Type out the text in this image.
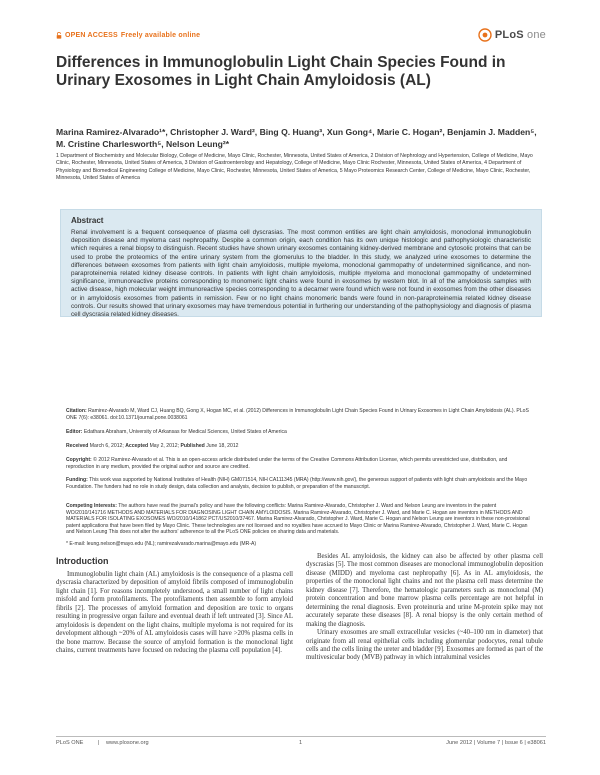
OPEN ACCESS Freely available online	PLoS one
Differences in Immunoglobulin Light Chain Species Found in Urinary Exosomes in Light Chain Amyloidosis (AL)
Marina Ramirez-Alvarado¹*, Christopher J. Ward², Bing Q. Huang³, Xun Gong⁴, Marie C. Hogan², Benjamin J. Madden⁵, M. Cristine Charlesworth⁵, Nelson Leung²*
1 Department of Biochemistry and Molecular Biology, College of Medicine, Mayo Clinic, Rochester, Minnesota, United States of America, 2 Division of Nephrology and Hypertension, College of Medicine, Mayo Clinic, Rochester, Minnesota, United States of America, 3 Division of Gastroenterology and Hepatology, College of Medicine, Mayo Clinic Rochester, Minnesota, United States of America, 4 Department of Physiology and Biomedical Engineering College of Medicine, Mayo Clinic, Rochester, Minnesota, United States of America, 5 Mayo Proteomics Research Center, College of Medicine, Mayo Clinic, Rochester, Minnesota, United States of America
Abstract
Renal involvement is a frequent consequence of plasma cell dyscrasias. The most common entities are light chain amyloidosis, monoclonal immunoglobulin deposition disease and myeloma cast nephropathy. Despite a common origin, each condition has its own unique histologic and pathophysiologic characteristic which requires a renal biopsy to distinguish. Recent studies have shown urinary exosomes containing kidney-derived membrane and cytosolic proteins that can be used to probe the proteomics of the entire urinary system from the glomerulus to the bladder. In this study, we analyzed urine exosomes to determine the differences between exosomes from patients with light chain amyloidosis, multiple myeloma, monoclonal gammopathy of undetermined significance, and non-paraproteinemia related kidney disease controls. In patients with light chain amyloidosis, multiple myeloma and monoclonal gammopathy of undetermined significance, immunoreactive proteins corresponding to monomeric light chains were found in exosomes by western blot. In all of the amyloidosis samples with active disease, high molecular weight immunoreactive species corresponding to a decamer were found which were not found in exosomes from the other diseases or in amyloidosis exosomes from patients in remission. Few or no light chains monomeric bands were found in non-paraproteinemia related kidney disease controls. Our results showed that urinary exosomes may have tremendous potential in furthering our understanding of the pathophysiology and diagnosis of plasma cell dyscrasia related kidney diseases.
Citation: Ramirez-Alvarado M, Ward CJ, Huang BQ, Gong X, Hogan MC, et al. (2012) Differences in Immunoglobulin Light Chain Species Found in Urinary Exosomes in Light Chain Amyloidosis (AL). PLoS ONE 7(6): e38061. doi:10.1371/journal.pone.0038061
Editor: Edathara Abraham, University of Arkansas for Medical Sciences, United States of America
Received March 6, 2012; Accepted May 2, 2012; Published June 18, 2012
Copyright: © 2012 Ramirez-Alvarado et al. This is an open-access article distributed under the terms of the Creative Commons Attribution License, which permits unrestricted use, distribution, and reproduction in any medium, provided the original author and source are credited.
Funding: This work was supported by National Institutes of Health (NIH) GM071514, NIH CA111345 (MRA) (http://www.nih.gov/), the generous support of patients with light chain amyloidosis and the Mayo Foundation. The funders had no role in study design, data collection and analysis, decision to publish, or preparation of the manuscript.
Competing Interests: The authors have read the journal's policy and have the following conflicts: Marina Ramirez-Alvarado, Christopher J. Ward and Nelson Leung are inventors in the patent WO/2010/141716 METHODS AND MATERIALS FOR DIAGNOSING LIGHT CHAIN AMYLOIDOSIS. Marina Ramirez-Alvarado, Christopher J. Ward, and Marie C. Hogan are inventors in METHODS AND MATERIALS FOR ISOLATING EXOSOMES WO/2010/141862 PCT/US2010/37467. Marina Ramirez-Alvarado, Christopher J. Ward, Marie C. Hogan and Nelson Leung are inventors in these non-provisional patent applications that have been filed by Mayo Clinic. These technologies are not licensed and no royalties have accrued to Mayo Clinic or Marina Ramirez-Alvarado, Christopher J. Ward, Marie C. Hogan and Nelson Leung This does not alter the authors' adherence to all the PLoS ONE policies on sharing data and materials.
* E-mail: leung.nelson@mayo.edu (NL); ramirezalvarado.marina@mayo.edu (MR-A)
Introduction

Immunoglobulin light chain (AL) amyloidosis is the consequence of a plasma cell dyscrasia characterized by deposition of amyloid fibrils composed of immunoglobulin light chain [1]. For reasons incompletely understood, a small number of light chains misfold and form protofilaments. The protofilaments then assemble to form amyloid fibrils [2]. The processes of amyloid formation and deposition are toxic to organs resulting in progressive organ failure and eventual death if left untreated [3]. Since AL amyloidosis is dependent on the light chains, multiple myeloma is not required for its development although ~20% of AL amyloidosis cases will have >20% plasma cells in the bone marrow. Because the source of amyloid formation is the monoclonal light chains, current treatments have focused on reducing the plasma cell population [4].

Besides AL amyloidosis, the kidney can also be affected by other plasma cell dyscrasias [5]. The most common diseases are monoclonal immunoglobulin deposition disease (MIDD) and myeloma cast nephropathy [6]. As in AL amyloidosis, the properties of the monoclonal light chains and not the plasma cell mass determine the kidney disease [7]. Therefore, the hematologic parameters such as monoclonal (M) protein concentration and bone marrow plasma cells percentage are not helpful in determining the renal diagnosis. Even proteinuria and urine M-protein spike may not accurately separate these diseases [8]. A renal biopsy is the only certain method of making the diagnosis.

Urinary exosomes are small extracellular vesicles (~40–100 nm in diameter) that originate from all renal epithelial cells including glomerular podocytes, renal tubule cells and the cells lining the ureter and bladder [9]. Exosomes are formed as part of the multivesicular body (MVB) pathway in which intraluminal vesicles

PLoS ONE	| www.plosone.org	1	June 2012 | Volume 7 | Issue 6 | e38061
